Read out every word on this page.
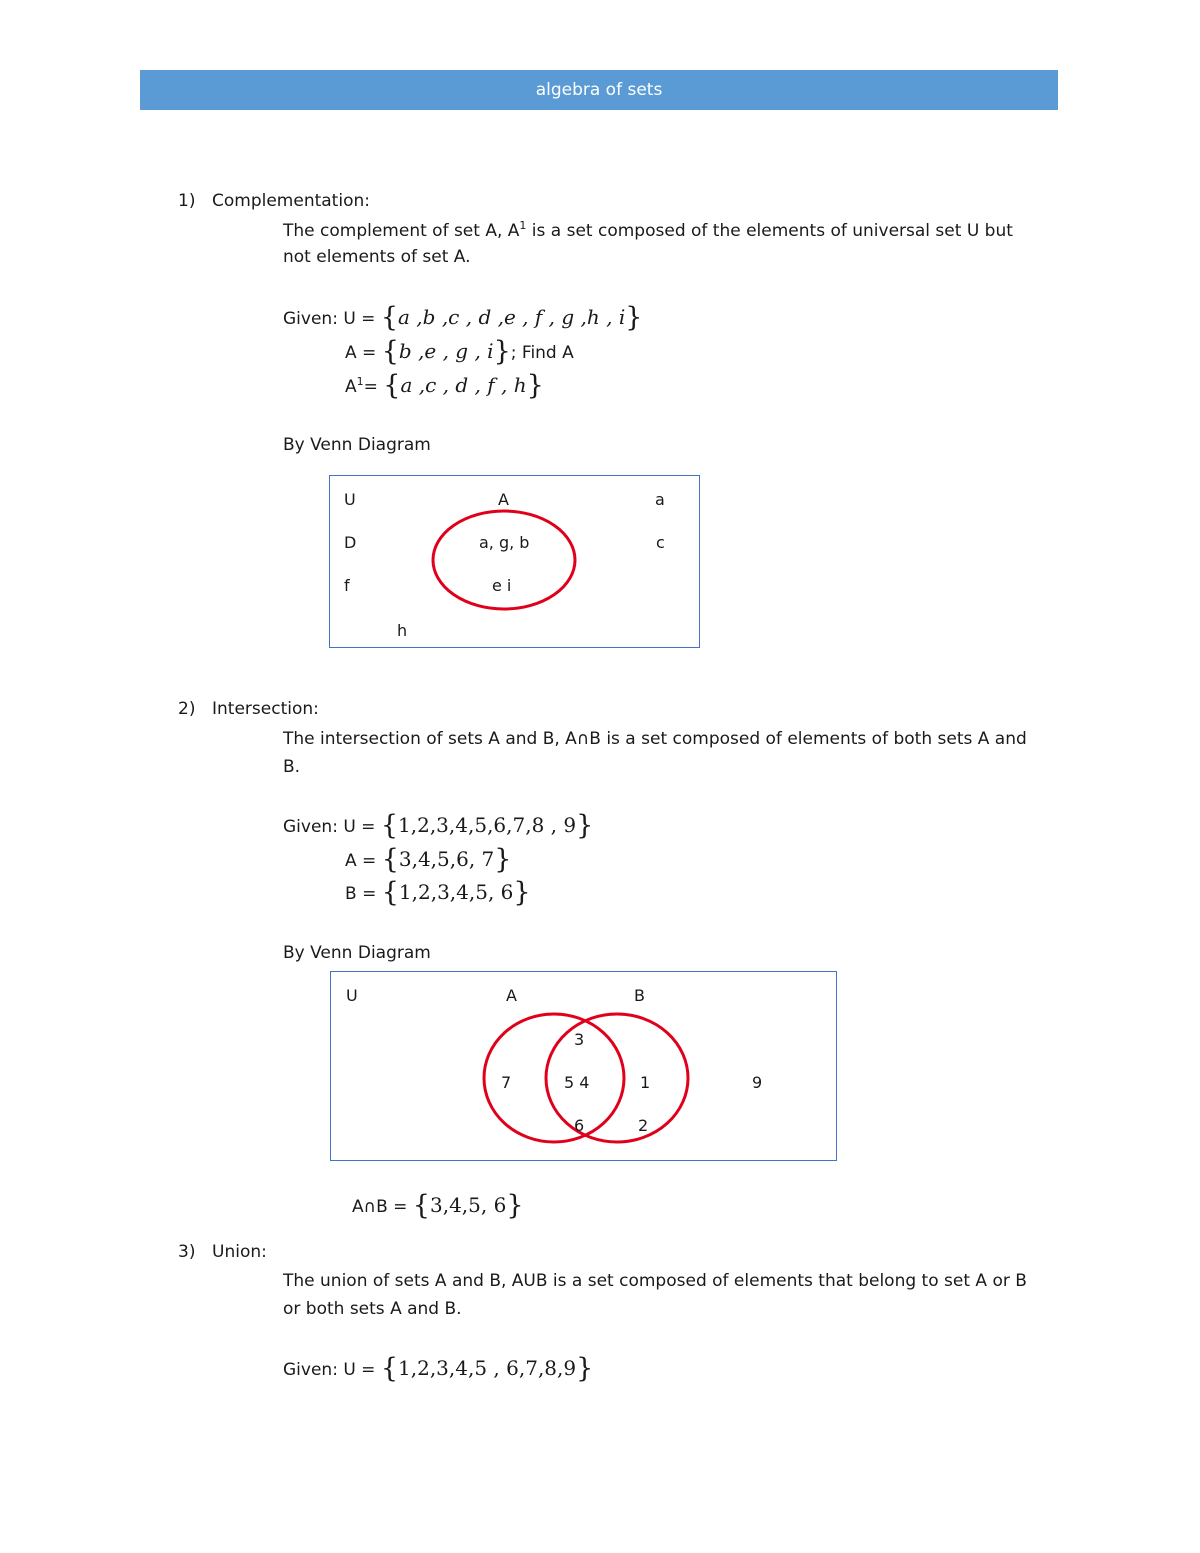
algebra of sets
1) Complementation:
The complement of set A, $A^1$ is a set composed of the elements of universal set U but
not elements of set A.
Given: U = {a ,b ,c , d ,e , f , g ,h , i}
A = {b ,e , g , i}; Find A
$A^1= \{a$ ,c , d , f , h}
By Venn Diagram
U	A	a
D	a, g, b	c
f	e i
h
2) Intersection:
The intersection of sets A and B, A∩B is a set composed of elements of both sets A and
B.
Given: U = {1,2,3,4,5,6,7,8 , 9}
A = {3,4,5,6, 7}
B = {1,2,3,4,5, 6}
By Venn Diagram
U	A	B
3
7	5 4	1	9
6	2
A∩B = {3,4,5, 6}
3) Union:
The union of sets A and B, AUB is a set composed of elements that belong to set A or B
or both sets A and B.
Given: U = {1,2,3,4,5 , 6,7,8,9}
